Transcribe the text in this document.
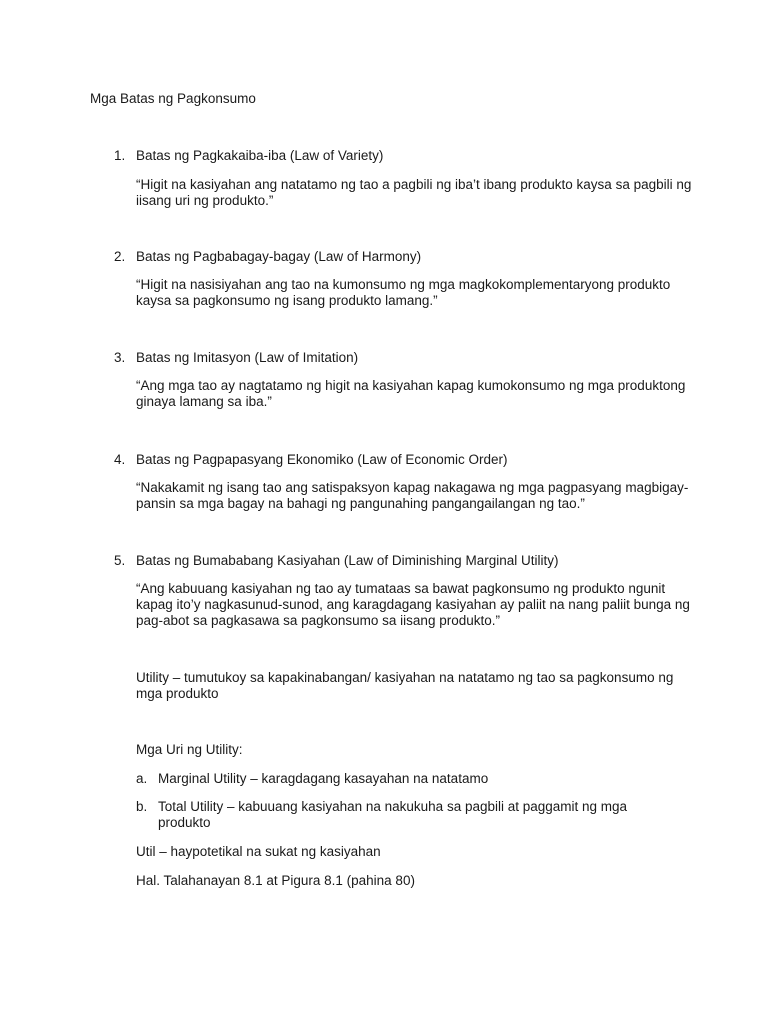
Mga Batas ng Pagkonsumo
1. Batas ng Pagkakaiba-iba (Law of Variety)
“Higit na kasiyahan ang natatamo ng tao a pagbili ng iba’t ibang produkto kaysa sa pagbili ng iisang uri ng produkto.”
2. Batas ng Pagbabagay-bagay (Law of Harmony)
“Higit na nasisiyahan ang tao na kumonsumo ng mga magkokomplementaryong produkto kaysa sa pagkonsumo ng isang produkto lamang.”
3. Batas ng Imitasyon (Law of Imitation)
“Ang mga tao ay nagtatamo ng higit na kasiyahan kapag kumokonsumo ng mga produktong ginaya lamang sa iba.”
4. Batas ng Pagpapasyang Ekonomiko (Law of Economic Order)
“Nakakamit ng isang tao ang satispaksyon kapag nakagawa ng mga pagpasyang magbigay-pansin sa mga bagay na bahagi ng pangunahing pangangailangan ng tao.”
5. Batas ng Bumababang Kasiyahan (Law of Diminishing Marginal Utility)
“Ang kabuuang kasiyahan ng tao ay tumataas sa bawat pagkonsumo ng produkto ngunit kapag ito’y nagkasunud-sunod, ang karagdagang kasiyahan ay paliit na nang paliit bunga ng pag-abot sa pagkasawa sa pagkonsumo sa iisang produkto.”
Utility – tumutukoy sa kapakinabangan/ kasiyahan na natatamo ng tao sa pagkonsumo ng mga produkto
Mga Uri ng Utility:
a. Marginal Utility – karagdagang kasayahan na natatamo
b. Total Utility – kabuuang kasiyahan na nakukuha sa pagbili at paggamit ng mga produkto
Util – haypotetikal na sukat ng kasiyahan
Hal. Talahanayan 8.1 at Pigura 8.1 (pahina 80)
